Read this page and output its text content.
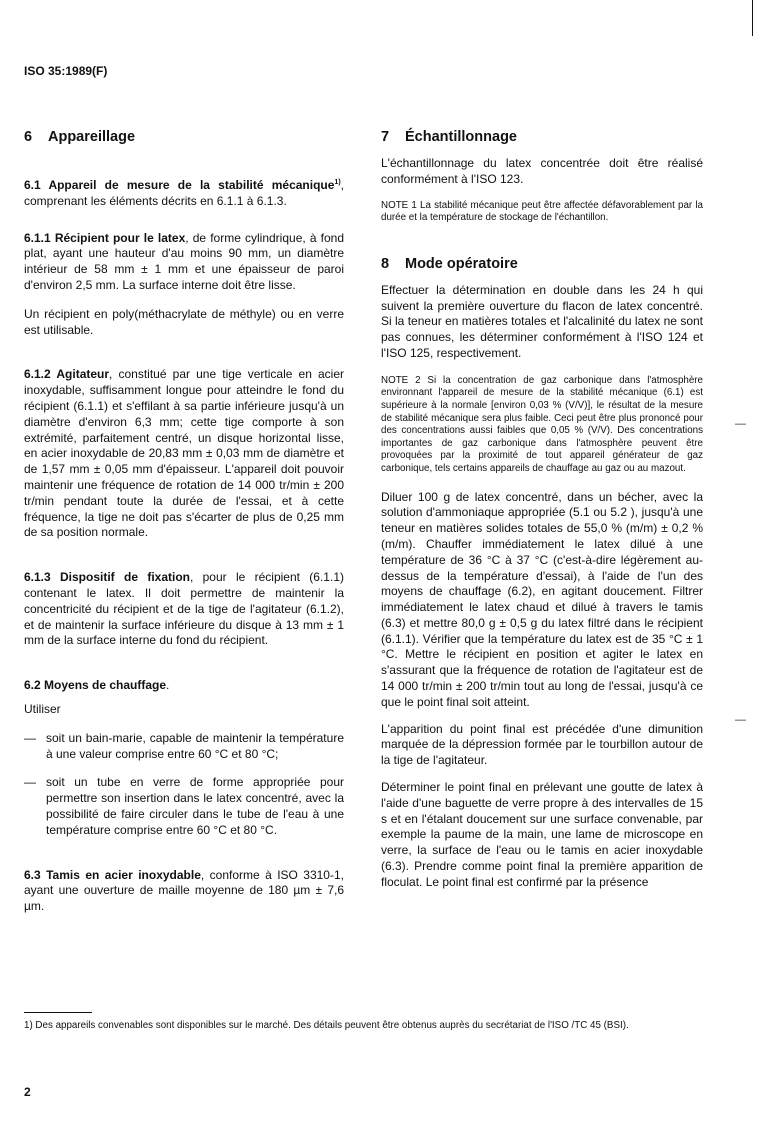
ISO 35:1989(F)
6 Appareillage

6.1 Appareil de mesure de la stabilité mécanique$^{1)}$, comprenant les éléments décrits en 6.1.1 à 6.1.3.

6.1.1 Récipient pour le latex, de forme cylindrique, à fond plat, ayant une hauteur d'au moins 90 mm, un diamètre intérieur de 58 mm ± 1 mm et une épaisseur de paroi d'environ 2,5 mm. La surface interne doit être lisse.

Un récipient en poly(méthacrylate de méthyle) ou en verre est utilisable.

6.1.2 Agitateur, constitué par une tige verticale en acier inoxydable, suffisamment longue pour atteindre le fond du récipient (6.1.1) et s'effilant à sa partie inférieure jusqu'à un diamètre d'environ 6,3 mm; cette tige comporte à son extrémité, parfaitement centré, un disque horizontal lisse, en acier inoxydable de 20,83 mm ± 0,03 mm de diamètre et de 1,57 mm ± 0,05 mm d'épaisseur. L'appareil doit pouvoir maintenir une fréquence de rotation de 14 000 tr/min ± 200 tr/min pendant toute la durée de l'essai, et à cette fréquence, la tige ne doit pas s'écarter de plus de 0,25 mm de sa position normale.

6.1.3 Dispositif de fixation, pour le récipient (6.1.1) contenant le latex. Il doit permettre de maintenir la concentricité du récipient et de la tige de l'agitateur (6.1.2), et de maintenir la surface inférieure du disque à 13 mm ± 1 mm de la surface interne du fond du récipient.

6.2 Moyens de chauffage.

Utiliser

— soit un bain-marie, capable de maintenir la température à une valeur comprise entre 60 °C et 80 °C;

— soit un tube en verre de forme appropriée pour permettre son insertion dans le latex concentré, avec la possibilité de faire circuler dans le tube de l'eau à une température comprise entre 60 °C et 80 °C.

6.3 Tamis en acier inoxydable, conforme à ISO 3310-1, ayant une ouverture de maille moyenne de 180 µm ± 7,6 µm.

7 Échantillonnage

L'échantillonnage du latex concentrée doit être réalisé conformément à l'ISO 123.

NOTE 1 La stabilité mécanique peut être affectée défavorablement par la durée et la température de stockage de l'échantillon.

8 Mode opératoire

Effectuer la détermination en double dans les 24 h qui suivent la première ouverture du flacon de latex concentré. Si la teneur en matières totales et l'alcalinité du latex ne sont pas connues, les déterminer conformément à l'ISO 124 et l'ISO 125, respectivement.

NOTE 2 Si la concentration de gaz carbonique dans l'atmosphère environnant l'appareil de mesure de la stabilité mécanique (6.1) est supérieure à la normale [environ 0,03 % (V/V)], le résultat de la mesure de stabilité mécanique sera plus faible. Ceci peut être plus prononcé pour des concentrations aussi faibles que 0,05 % (V/V). Des concentrations importantes de gaz carbonique dans l'atmosphère peuvent être provoquées par la proximité de tout appareil générateur de gaz carbonique, tels certains appareils de chauffage au gaz ou au mazout.

Diluer 100 g de latex concentré, dans un bécher, avec la solution d'ammoniaque appropriée (5.1 ou 5.2 ), jusqu'à une teneur en matières solides totales de 55,0 % (m/m) ± 0,2 % (m/m). Chauffer immédiatement le latex dilué à une température de 36 °C à 37 °C (c'est-à-dire légèrement au-dessus de la température d'essai), à l'aide de l'un des moyens de chauffage (6.2), en agitant doucement. Filtrer immédiatement le latex chaud et dilué à travers le tamis (6.3) et mettre 80,0 g ± 0,5 g du latex filtré dans le récipient (6.1.1). Vérifier que la température du latex est de 35 °C ± 1 °C. Mettre le récipient en position et agiter le latex en s'assurant que la fréquence de rotation de l'agitateur est de 14 000 tr/min ± 200 tr/min tout au long de l'essai, jusqu'à ce que le point final soit atteint.

L'apparition du point final est précédée d'une dimunition marquée de la dépression formée par le tourbillon autour de la tige de l'agitateur.

Déterminer le point final en prélevant une goutte de latex à l'aide d'une baguette de verre propre à des intervalles de 15 s et en l'étalant doucement sur une surface convenable, par exemple la paume de la main, une lame de microscope en verre, la surface de l'eau ou le tamis en acier inoxydable (6.3). Prendre comme point final la première apparition de floculat. Le point final est confirmé par la présence

—
—
1) Des appareils convenables sont disponibles sur le marché. Des détails peuvent être obtenus auprès du secrétariat de l'ISO /TC 45 (BSI).
2
